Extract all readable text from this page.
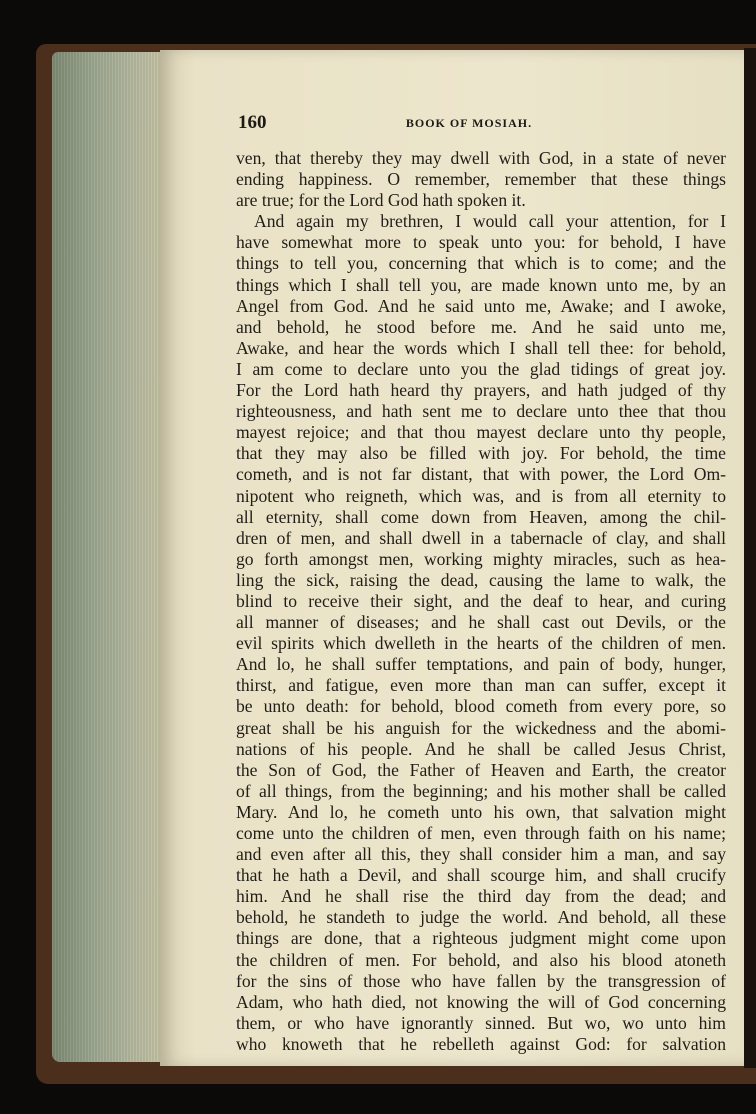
160	BOOK OF MOSIAH.
ven, that thereby they may dwell with God, in a state of never
ending happiness. O remember, remember that these things
are true; for the Lord God hath spoken it.
And again my brethren, I would call your attention, for I
have somewhat more to speak unto you: for behold, I have
things to tell you, concerning that which is to come; and the
things which I shall tell you, are made known unto me, by an
Angel from God. And he said unto me, Awake; and I awoke,
and behold, he stood before me. And he said unto me,
Awake, and hear the words which I shall tell thee: for behold,
I am come to declare unto you the glad tidings of great joy.
For the Lord hath heard thy prayers, and hath judged of thy
righteousness, and hath sent me to declare unto thee that thou
mayest rejoice; and that thou mayest declare unto thy people,
that they may also be filled with joy. For behold, the time
cometh, and is not far distant, that with power, the Lord Om-
nipotent who reigneth, which was, and is from all eternity to
all eternity, shall come down from Heaven, among the chil-
dren of men, and shall dwell in a tabernacle of clay, and shall
go forth amongst men, working mighty miracles, such as hea-
ling the sick, raising the dead, causing the lame to walk, the
blind to receive their sight, and the deaf to hear, and curing
all manner of diseases; and he shall cast out Devils, or the
evil spirits which dwelleth in the hearts of the children of men.
And lo, he shall suffer temptations, and pain of body, hunger,
thirst, and fatigue, even more than man can suffer, except it
be unto death: for behold, blood cometh from every pore, so
great shall be his anguish for the wickedness and the abomi-
nations of his people. And he shall be called Jesus Christ,
the Son of God, the Father of Heaven and Earth, the creator
of all things, from the beginning; and his mother shall be called
Mary. And lo, he cometh unto his own, that salvation might
come unto the children of men, even through faith on his name;
and even after all this, they shall consider him a man, and say
that he hath a Devil, and shall scourge him, and shall crucify
him. And he shall rise the third day from the dead; and
behold, he standeth to judge the world. And behold, all these
things are done, that a righteous judgment might come upon
the children of men. For behold, and also his blood atoneth
for the sins of those who have fallen by the transgression of
Adam, who hath died, not knowing the will of God concerning
them, or who have ignorantly sinned. But wo, wo unto him
who knoweth that he rebelleth against God: for salvation
